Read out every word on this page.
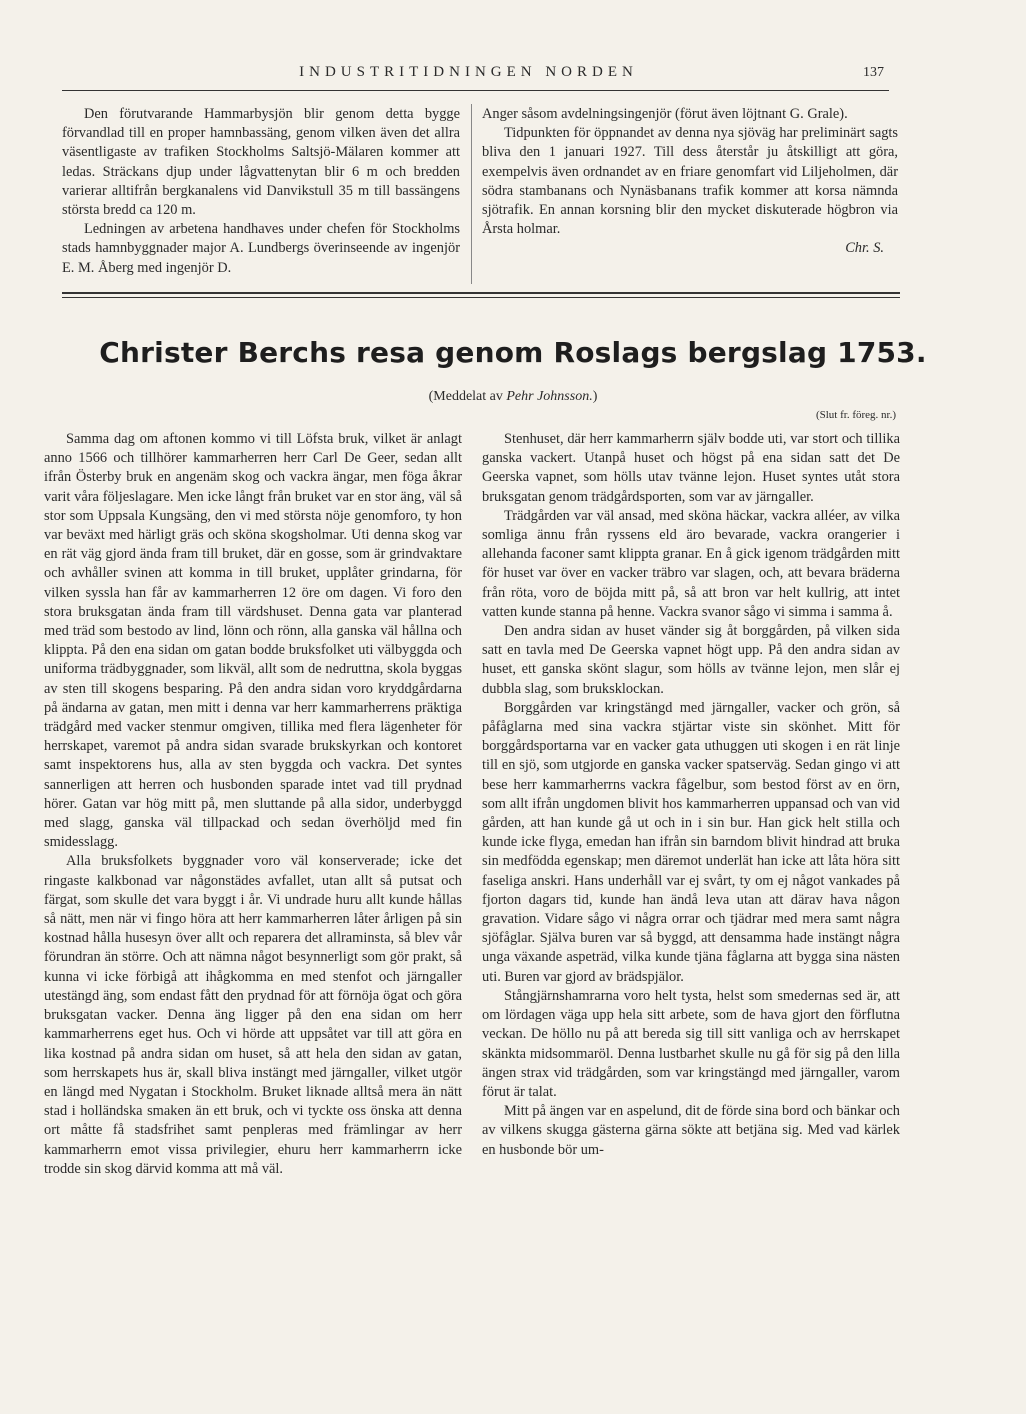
INDUSTRITIDNINGEN NORDEN	137

Den förutvarande Hammarbysjön blir genom detta bygge förvandlad till en proper hamnbassäng, genom vilken även det allra väsentligaste av trafiken Stockholms Saltsjö-Mälaren kommer att ledas. Sträckans djup under lågvattenytan blir 6 m och bredden varierar alltifrån bergkanalens vid Danvikstull 35 m till bassängens största bredd ca 120 m.

Ledningen av arbetena handhaves under chefen för Stockholms stads hamnbyggnader major A. Lundbergs överinseende av ingenjör E. M. Åberg med ingenjör D.

Anger såsom avdelningsingenjör (förut även löjtnant G. Grale).

Tidpunkten för öppnandet av denna nya sjöväg har preliminärt sagts bliva den 1 januari 1927. Till dess återstår ju åtskilligt att göra, exempelvis även ordnandet av en friare genomfart vid Liljeholmen, där södra stambanans och Nynäsbanans trafik kommer att korsa nämnda sjötrafik. En annan korsning blir den mycket diskuterade högbron via Årsta holmar.

Chr. S.
Christer Berchs resa genom Roslags bergslag 1753.
(Meddelat av Pehr Johnsson.)
(Slut fr. föreg. nr.)

Samma dag om aftonen kommo vi till Löfsta bruk, vilket är anlagt anno 1566 och tillhörer kammarherren herr Carl De Geer, sedan allt ifrån Österby bruk en angenäm skog och vackra ängar, men föga åkrar varit våra följeslagare. Men icke långt från bruket var en stor äng, väl så stor som Uppsala Kungsäng, den vi med största nöje genomforo, ty hon var beväxt med härligt gräs och sköna skogsholmar. Uti denna skog var en rät väg gjord ända fram till bruket, där en gosse, som är grindvaktare och avhåller svinen att komma in till bruket, upplåter grindarna, för vilken syssla han får av kammarherren 12 öre om dagen. Vi foro den stora bruksgatan ända fram till värdshuset. Denna gata var planterad med träd som bestodo av lind, lönn och rönn, alla ganska väl hållna och klippta. På den ena sidan om gatan bodde bruksfolket uti välbyggda och uniforma trädbyggnader, som likväl, allt som de nedruttna, skola byggas av sten till skogens besparing. På den andra sidan voro kryddgårdarna på ändarna av gatan, men mitt i denna var herr kammarherrens präktiga trädgård med vacker stenmur omgiven, tillika med flera lägenheter för herrskapet, varemot på andra sidan svarade brukskyrkan och kontoret samt inspektorens hus, alla av sten byggda och vackra. Det syntes sannerligen att herren och husbonden sparade intet vad till prydnad hörer. Gatan var hög mitt på, men sluttande på alla sidor, underbyggd med slagg, ganska väl tillpackad och sedan överhöljd med fin smidesslagg.

Alla bruksfolkets byggnader voro väl konserverade; icke det ringaste kalkbonad var någonstädes avfallet, utan allt så putsat och färgat, som skulle det vara byggt i år. Vi undrade huru allt kunde hållas så nätt, men när vi fingo höra att herr kammarherren låter årligen på sin kostnad hålla husesyn över allt och reparera det allraminsta, så blev vår förundran än större. Och att nämna något besynnerligt som gör prakt, så kunna vi icke förbigå att ihågkomma en med stenfot och järngaller utestängd äng, som endast fått den prydnad för att förnöja ögat och göra bruksgatan vacker. Denna äng ligger på den ena sidan om herr kammarherrens eget hus. Och vi hörde att uppsåtet var till att göra en lika kostnad på andra sidan om huset, så att hela den sidan av gatan, som herrskapets hus är, skall bliva instängt med järngaller, vilket utgör en längd med Nygatan i Stockholm. Bruket liknade alltså mera än nätt stad i holländska smaken än ett bruk, och vi tyckte oss önska att denna ort måtte få stadsfrihet samt penpleras med främlingar av herr kammarherrn emot vissa privilegier, ehuru herr kammarherrn icke trodde sin skog därvid komma att må väl.

Stenhuset, där herr kammarherrn själv bodde uti, var stort och tillika ganska vackert. Utanpå huset och högst på ena sidan satt det De Geerska vapnet, som hölls utav tvänne lejon. Huset syntes utåt stora bruksgatan genom trädgårdsporten, som var av järngaller.

Trädgården var väl ansad, med sköna häckar, vackra alléer, av vilka somliga ännu från ryssens eld äro bevarade, vackra orangerier i allehanda faconer samt klippta granar. En å gick igenom trädgården mitt för huset var över en vacker träbro var slagen, och, att bevara bräderna från röta, voro de böjda mitt på, så att bron var helt kullrig, att intet vatten kunde stanna på henne. Vackra svanor sågo vi simma i samma å.

Den andra sidan av huset vänder sig åt borggården, på vilken sida satt en tavla med De Geerska vapnet högt upp. På den andra sidan av huset, ett ganska skönt slagur, som hölls av tvänne lejon, men slår ej dubbla slag, som bruksklockan.

Borggården var kringstängd med järngaller, vacker och grön, så påfåglarna med sina vackra stjärtar viste sin skönhet. Mitt för borggårdsportarna var en vacker gata uthuggen uti skogen i en rät linje till en sjö, som utgjorde en ganska vacker spatserväg. Sedan gingo vi att bese herr kammarherrns vackra fågelbur, som bestod först av en örn, som allt ifrån ungdomen blivit hos kammarherren uppansad och van vid gården, att han kunde gå ut och in i sin bur. Han gick helt stilla och kunde icke flyga, emedan han ifrån sin barndom blivit hindrad att bruka sin medfödda egenskap; men däremot underlät han icke att låta höra sitt faseliga anskri. Hans underhåll var ej svårt, ty om ej något vankades på fjorton dagars tid, kunde han ändå leva utan att därav hava någon gravation. Vidare sågo vi några orrar och tjädrar med mera samt några sjöfåglar. Själva buren var så byggd, att densamma hade instängt några unga växande aspeträd, vilka kunde tjäna fåglarna att bygga sina nästen uti. Buren var gjord av brädspjälor.

Stångjärnshamrarna voro helt tysta, helst som smedernas sed är, att om lördagen väga upp hela sitt arbete, som de hava gjort den förflutna veckan. De höllo nu på att bereda sig till sitt vanliga och av herrskapet skänkta midsommaröl. Denna lustbarhet skulle nu gå för sig på den lilla ängen strax vid trädgården, som var kringstängd med järngaller, varom förut är talat.

Mitt på ängen var en aspelund, dit de förde sina bord och bänkar och av vilkens skugga gästerna gärna sökte att betjäna sig. Med vad kärlek en husbonde bör um-
